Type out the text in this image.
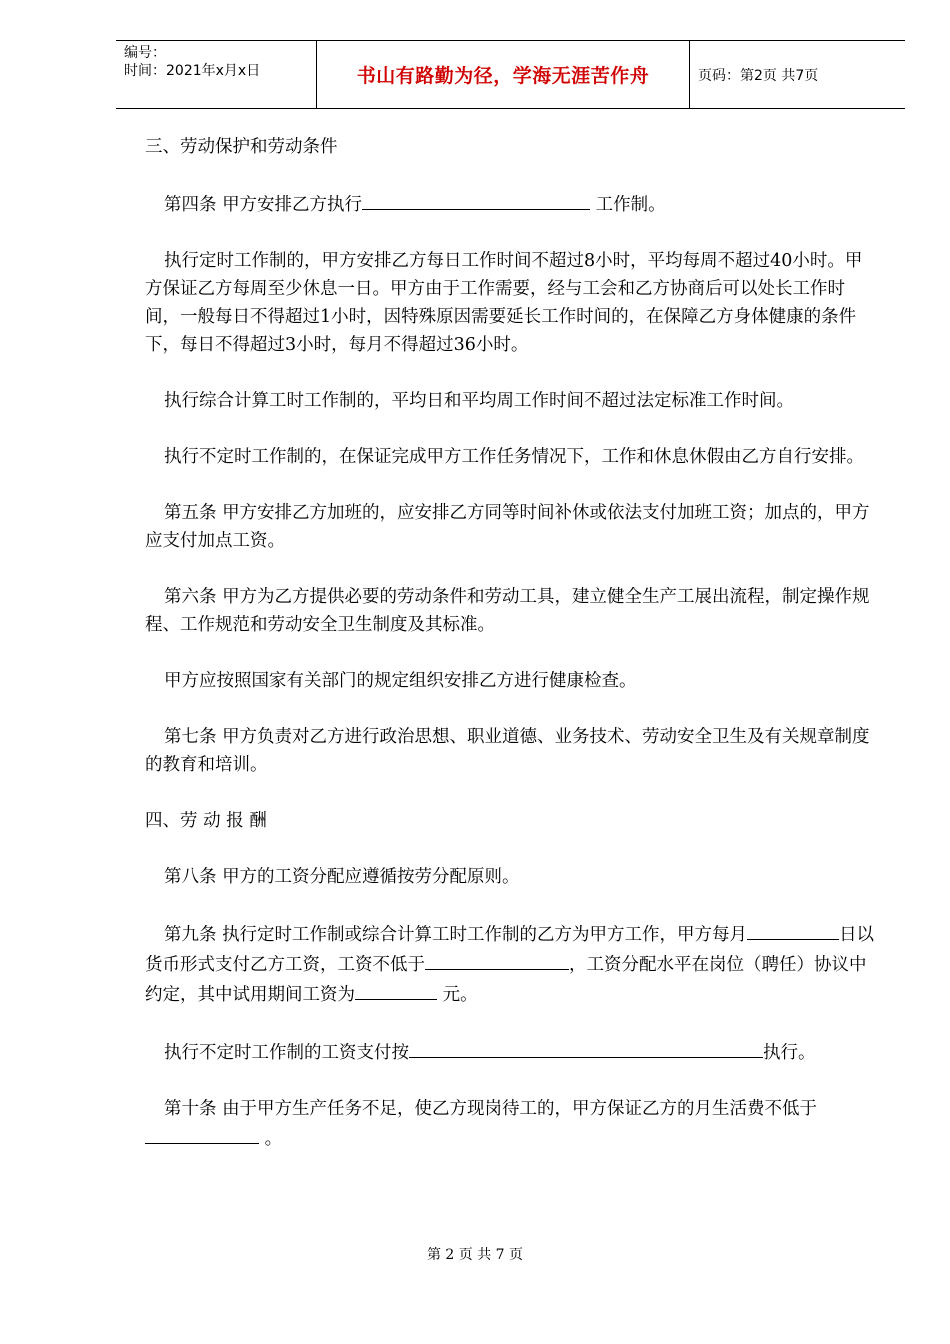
编号：
时间：2021年x月x日	书山有路勤为径，学海无涯苦作舟	页码：第2页 共7页

三、劳动保护和劳动条件

第四条 甲方安排乙方执行	工作制。

执行定时工作制的，甲方安排乙方每日工作时间不超过8小时，平均每周不超过40小时。甲方保证乙方每周至少休息一日。甲方由于工作需要，经与工会和乙方协商后可以处长工作时间，一般每日不得超过1小时，因特殊原因需要延长工作时间的，在保障乙方身体健康的条件下，每日不得超过3小时，每月不得超过36小时。

执行综合计算工时工作制的，平均日和平均周工作时间不超过法定标准工作时间。

执行不定时工作制的，在保证完成甲方工作任务情况下，工作和休息休假由乙方自行安排。

第五条 甲方安排乙方加班的，应安排乙方同等时间补休或依法支付加班工资；加点的，甲方应支付加点工资。

第六条 甲方为乙方提供必要的劳动条件和劳动工具，建立健全生产工展出流程，制定操作规程、工作规范和劳动安全卫生制度及其标准。

甲方应按照国家有关部门的规定组织安排乙方进行健康检查。

第七条 甲方负责对乙方进行政治思想、职业道德、业务技术、劳动安全卫生及有关规章制度的教育和培训。

四、劳 动 报 酬

第八条 甲方的工资分配应遵循按劳分配原则。

第九条 执行定时工作制或综合计算工时工作制的乙方为甲方工作，甲方每月	日以货币形式支付乙方工资，工资不低于	，工资分配水平在岗位（聘任）协议中约定，其中试用期间工资为	元。

执行不定时工作制的工资支付按	执行。

第十条 由于甲方生产任务不足，使乙方现岗待工的，甲方保证乙方的月生活费不低于 。

第 2 页 共 7 页
